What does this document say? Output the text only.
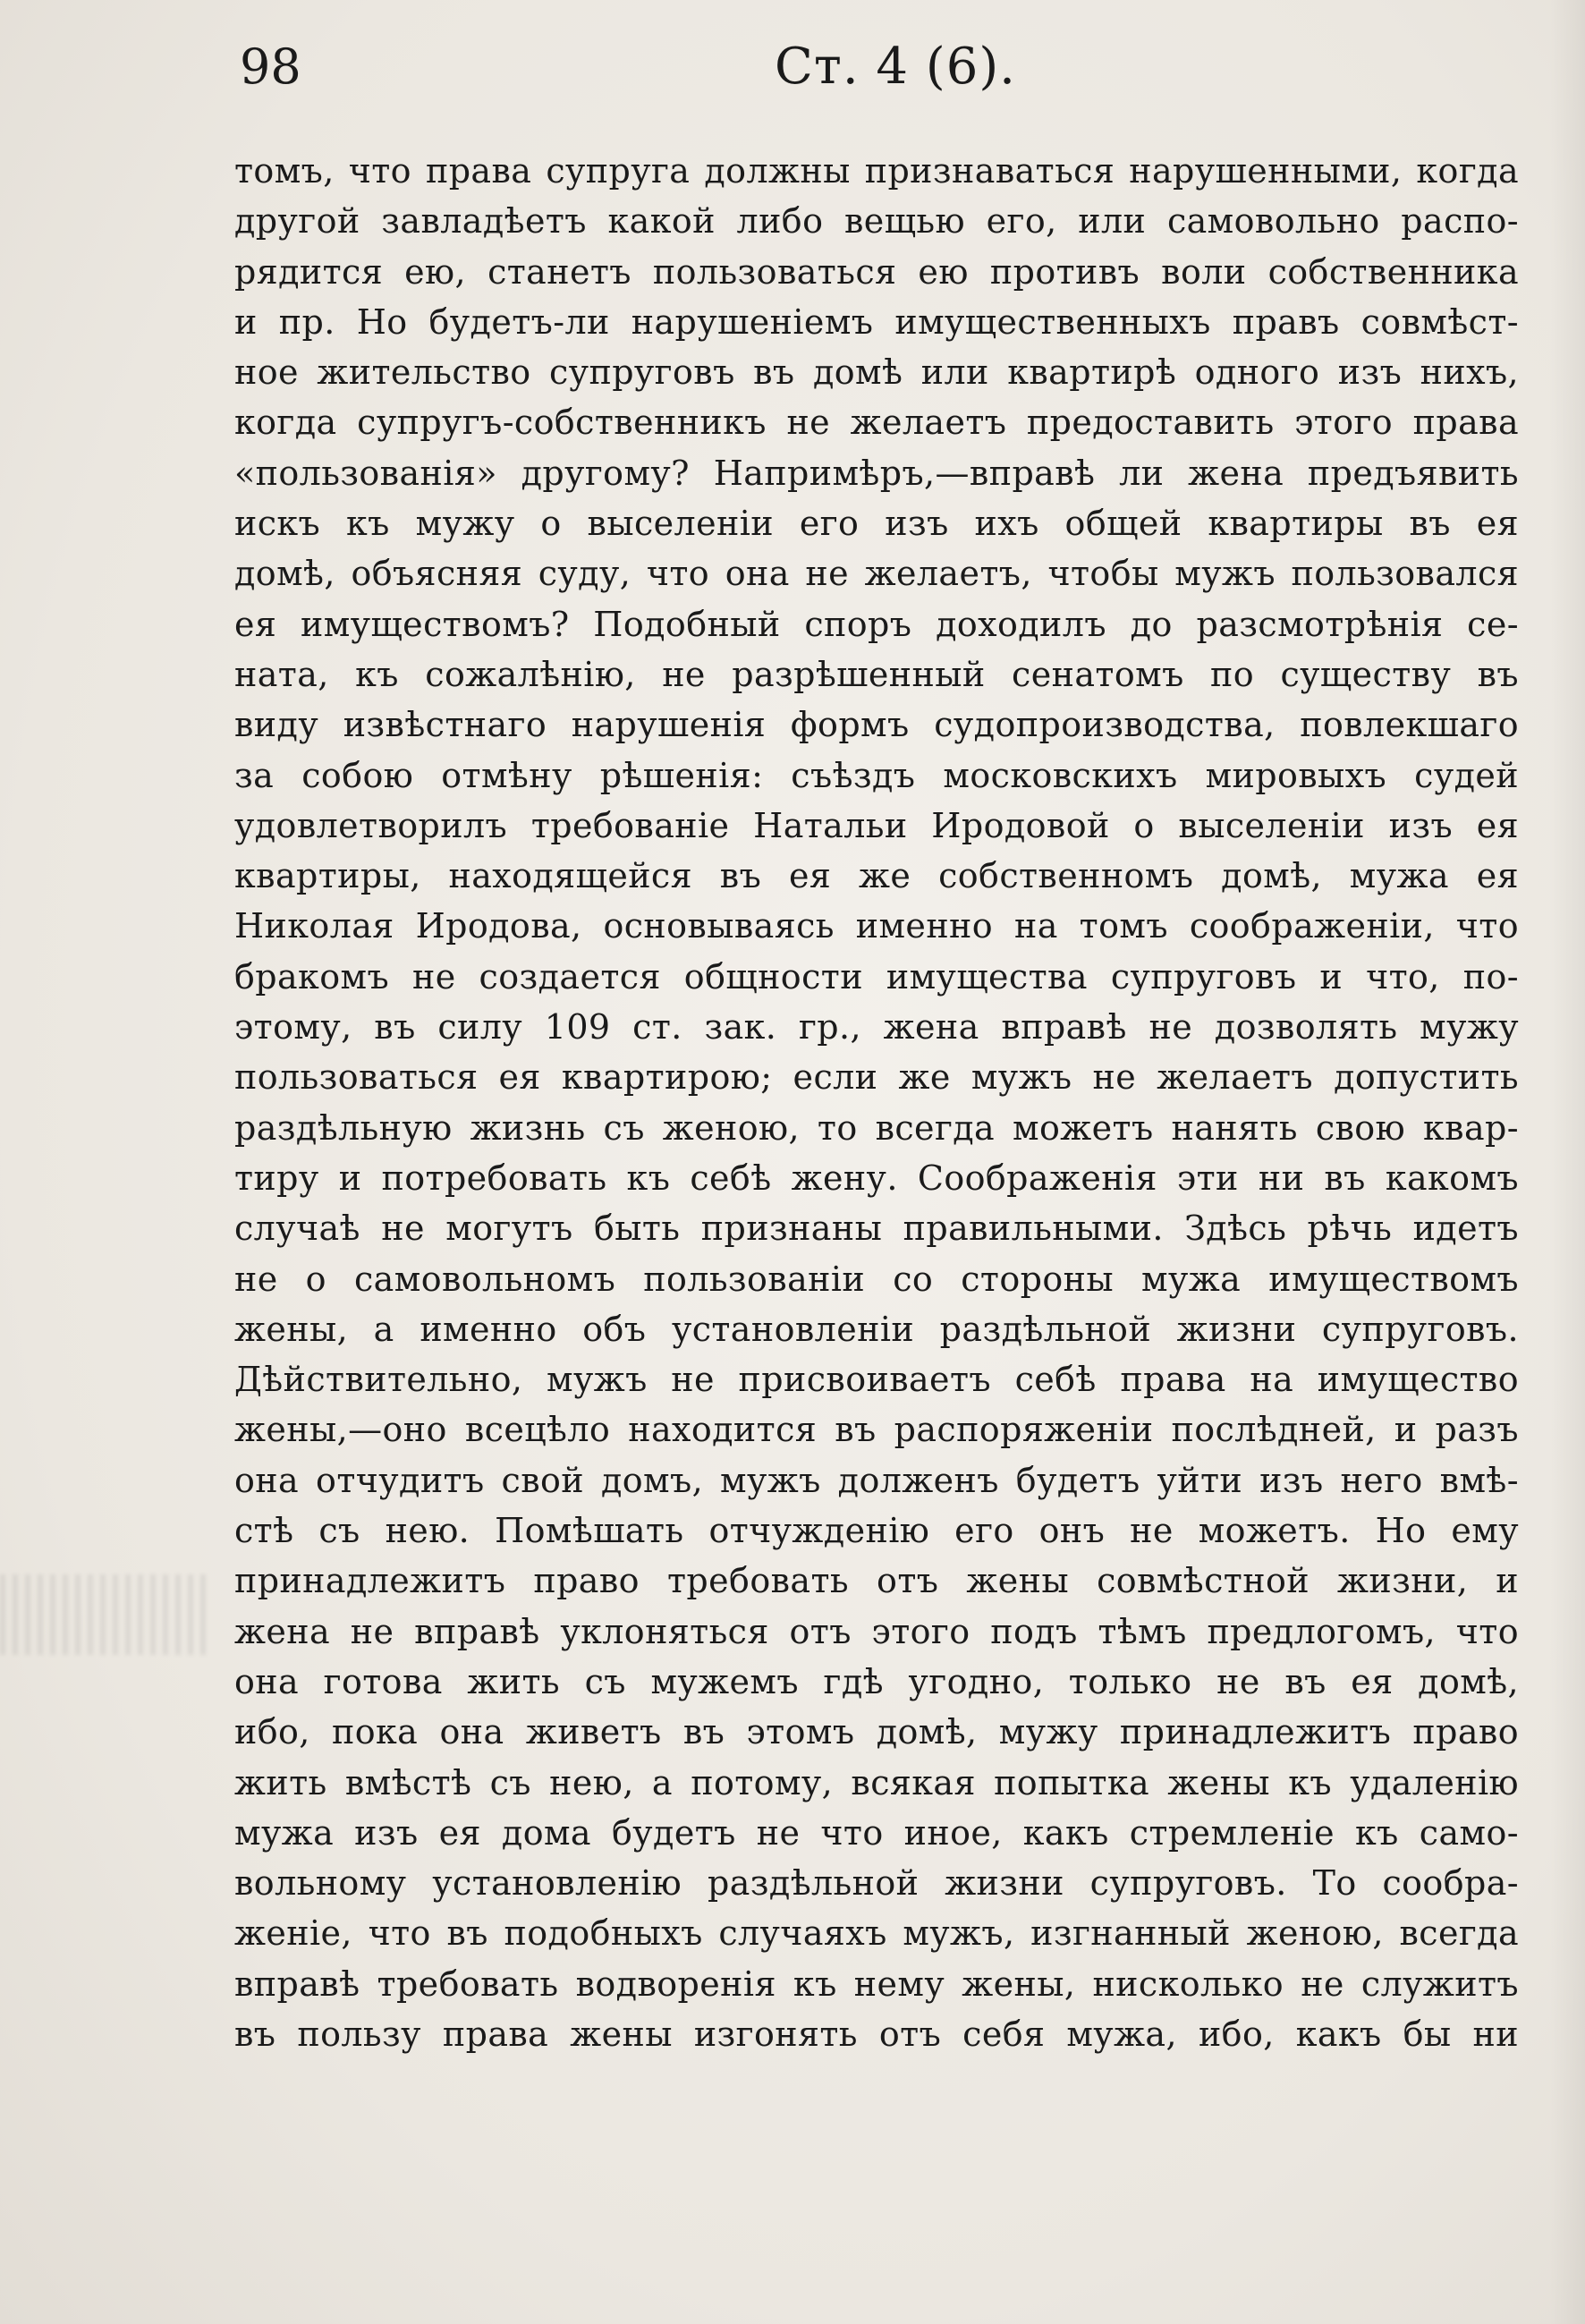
98	Ст. 4 (6).
томъ, что права супруга должны признаваться нарушенными, когда
другой завладѣетъ какой либо вещью его, или самовольно распо-
рядится ею, станетъ пользоваться ею противъ воли собственника
и пр. Но будетъ-ли нарушеніемъ имущественныхъ правъ совмѣст-
ное жительство супруговъ въ домѣ или квартирѣ одного изъ нихъ,
когда супругъ-собственникъ не желаетъ предоставить этого права
«пользованія» другому? Напримѣръ,—вправѣ ли жена предъявить
искъ къ мужу о выселеніи его изъ ихъ общей квартиры въ ея
домѣ, объясняя суду, что она не желаетъ, чтобы мужъ пользовался
ея имуществомъ? Подобный споръ доходилъ до разсмотрѣнія се-
ната, къ сожалѣнію, не разрѣшенный сенатомъ по существу въ
виду извѣстнаго нарушенія формъ судопроизводства, повлекшаго
за собою отмѣну рѣшенія: съѣздъ московскихъ мировыхъ судей
удовлетворилъ требованіе Натальи Иродовой о выселеніи изъ ея
квартиры, находящейся въ ея же собственномъ домѣ, мужа ея
Николая Иродова, основываясь именно на томъ соображеніи, что
бракомъ не создается общности имущества супруговъ и что, по-
этому, въ силу 109 ст. зак. гр., жена вправѣ не дозволять мужу
пользоваться ея квартирою; если же мужъ не желаетъ допустить
раздѣльную жизнь съ женою, то всегда можетъ нанять свою квар-
тиру и потребовать къ себѣ жену. Соображенія эти ни въ какомъ
случаѣ не могутъ быть признаны правильными. Здѣсь рѣчь идетъ
не о самовольномъ пользованіи со стороны мужа имуществомъ
жены, а именно объ установленіи раздѣльной жизни супруговъ.
Дѣйствительно, мужъ не присвоиваетъ себѣ права на имущество
жены,—оно всецѣло находится въ распоряженіи послѣдней, и разъ
она отчудитъ свой домъ, мужъ долженъ будетъ уйти изъ него вмѣ-
стѣ съ нею. Помѣшать отчужденію его онъ не можетъ. Но ему
принадлежитъ право требовать отъ жены совмѣстной жизни, и
жена не вправѣ уклоняться отъ этого подъ тѣмъ предлогомъ, что
она готова жить съ мужемъ гдѣ угодно, только не въ ея домѣ,
ибо, пока она живетъ въ этомъ домѣ, мужу принадлежитъ право
жить вмѣстѣ съ нею, а потому, всякая попытка жены къ удаленію
мужа изъ ея дома будетъ не что иное, какъ стремленіе къ само-
вольному установленію раздѣльной жизни супруговъ. То сообра-
женіе, что въ подобныхъ случаяхъ мужъ, изгнанный женою, всегда
вправѣ требовать водворенія къ нему жены, нисколько не служитъ
въ пользу права жены изгонять отъ себя мужа, ибо, какъ бы ни
